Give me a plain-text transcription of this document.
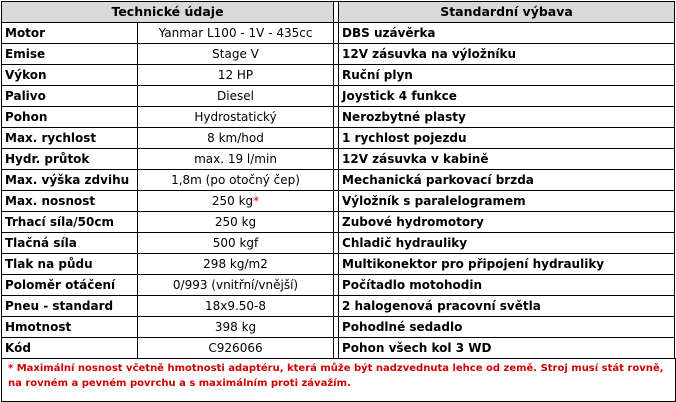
Technické údaje			Standardní výbava
Motor	Yanmar L100 - 1V - 435cc		DBS uzávěrka
Emise	Stage V		12V zásuvka na výložníku
Výkon	12 HP		Ruční plyn
Palivo	Diesel		Joystick 4 funkce
Pohon	Hydrostatický		Nerozbytné plasty
Max. rychlost	8 km/hod		1 rychlost pojezdu
Hydr. průtok	max. 19 l/min		12V zásuvka v kabině
Max. výška zdvihu	1,8m (po otočný čep)		Mechanická parkovací brzda
Max. nosnost	250 kg*		Výložník s paralelogramem
Trhací síla/50cm	250 kg		Zubové hydromotory
Tlačná síla	500 kgf		Chladič hydrauliky
Tlak na půdu	298 kg/m2		Multikonektor pro připojení hydrauliky
Poloměr otáčení	0/993 (vnitřní/vnější)		Počítadlo motohodin
Pneu - standard	18x9.50-8		2 halogenová pracovní světla
Hmotnost	398 kg		Pohodlné sedadlo
Kód	C926066		Pohon všech kol 3 WD
* Maximální nosnost včetně hmotnosti adaptéru, která může být nadzvednuta lehce od země. Stroj musí stát rovně, na rovném a pevném povrchu a s maximálním proti závažím.
